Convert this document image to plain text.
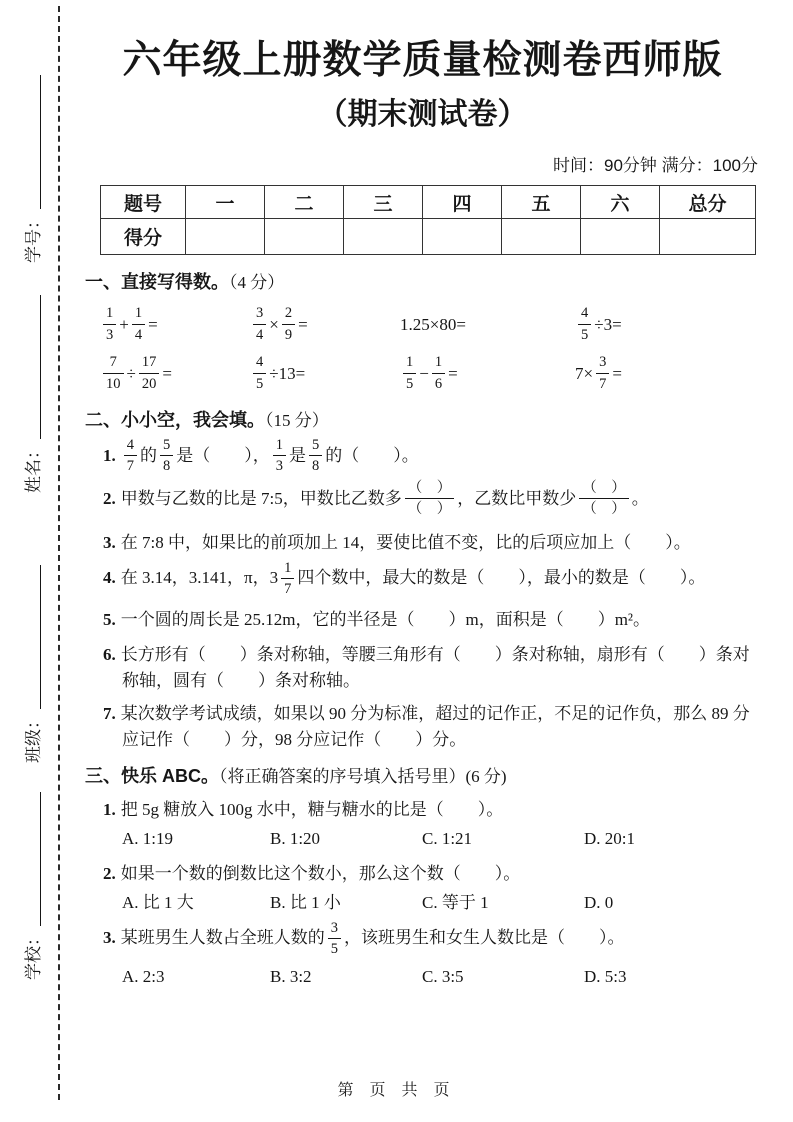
学号：
姓名：
班级：
学校：
六年级上册数学质量检测卷西师版
（期末测试卷）
时间：90分钟 满分：100分
题号	一	二	三	四	五	六	总分
得分							
一、直接写得数。（4 分）
$\frac{1}{3} + \frac{1}{4}$ =	$\frac{3}{4} \times \frac{2}{9}$ =	1.25×80=	$\frac{4}{5} \div 3=$
$\frac{7}{10} \div \frac{17}{20}$ =	$\frac{4}{5} \div 13=$	$\frac{1}{5} - \frac{1}{6}$ =	$7\times \frac{3}{7}$ =
二、小小空，我会填。（15 分）
1. $\frac{4}{7}$ 的 $\frac{5}{8}$ 是（　　）， $\frac{1}{3}$ 是 $\frac{5}{8}$ 的（　　）。
2. 甲数与乙数的比是 7:5，甲数比乙数多 $\frac{( )}{( )}$ ，乙数比甲数少 $\frac{( )}{( )}$ 。
3. 在 7:8 中，如果比的前项加上 14，要使比值不变，比的后项应加上（　　）。
4. 在 3.14，3.141，π，$3 \frac{1}{7}$ 四个数中，最大的数是（　　），最小的数是（　　）。
5. 一个圆的周长是 25.12m，它的半径是（　　）m，面积是（　　）m²。
6. 长方形有（　　）条对称轴，等腰三角形有（　　）条对称轴，扇形有（　　）条对称轴，圆有（　　）条对称轴。
7. 某次数学考试成绩，如果以 90 分为标准，超过的记作正，不足的记作负，那么 89 分应记作（　　）分，98 分应记作（　　）分。
三、快乐 ABC。（将正确答案的序号填入括号里）(6 分)
1. 把 5g 糖放入 100g 水中，糖与糖水的比是（　　）。
A. 1:19	B. 1:20	C. 1:21	D. 20:1
2. 如果一个数的倒数比这个数小，那么这个数（　　）。
A. 比 1 大	B. 比 1 小	C. 等于 1	D. 0
3. 某班男生人数占全班人数的 $\frac{3}{5}$ ，该班男生和女生人数比是（　　）。
A. 2:3	B. 3:2	C. 3:5	D. 5:3
第 页 共 页
